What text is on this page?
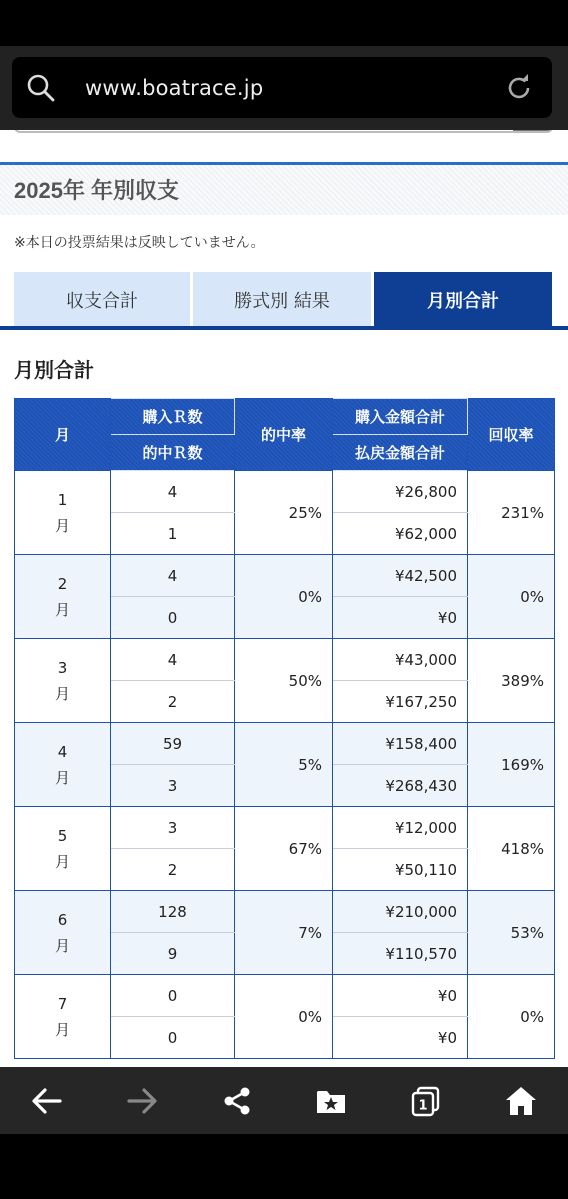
www.boatrace.jp
2025年 年別収支
※本日の投票結果は反映していません。
収支合計	勝式別 結果	月別合計
月別合計
月	購入Ｒ数	的中率	購入金額合計	回収率
	的中Ｒ数		払戻金額合計	

1
月	4	25%	¥26,800	231%
	1		¥62,000	

2
月	4	0%	¥42,500	0%
	0		¥0	

3
月	4	50%	¥43,000	389%
	2		¥167,250	

4
月	59	5%	¥158,400	169%
	3		¥268,430	

5
月	3	67%	¥12,000	418%
	2		¥50,110	

6
月	128	7%	¥210,000	53%
	9		¥110,570	

7
月	0	0%	¥0	0%
	0		¥0	
1
